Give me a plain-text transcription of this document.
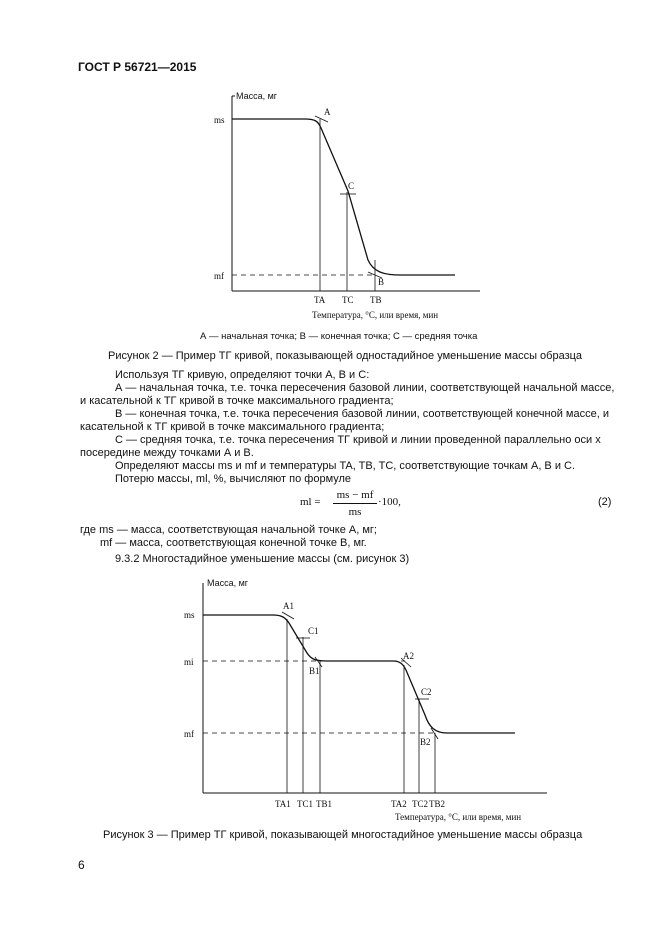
ГОСТ Р 56721—2015
Масса, мг
ms
mf
A
C
B
TA TC TB
Температура, °C, или время, мин
А — начальная точка; В — конечная точка; С — средняя точка
Рисунок 2 — Пример ТГ кривой, показывающей одностадийное уменьшение массы образца
Используя ТГ кривую, определяют точки А, В и С:
А — начальная точка, т.е. точка пересечения базовой линии, соответствующей начальной массе, и касательной к ТГ кривой в точке максимального градиента;
В — конечная точка, т.е. точка пересечения базовой линии, соответствующей конечной массе, и касательной к ТГ кривой в точке максимального градиента;
С — средняя точка, т.е. точка пересечения ТГ кривой и линии проведенной параллельно оси x посередине между точками А и В.
Определяют массы ms и mf и температуры TA, TB, TC, соответствующие точкам А, В и С.
Потерю массы, ml, %, вычисляют по формуле
ml =
ms − mf
ms
·100,	(2)
где ms — масса, соответствующая начальной точке А, мг;
mf — масса, соответствующая конечной точке В, мг.
9.3.2 Многостадийное уменьшение массы (см. рисунок 3)
Масса, мг
ms
mi
mf
A1
C1
B1
A2
C2
B2
TA1 TC1 TB1	TA2 TC2 TB2
Температура, °C, или время, мин
Рисунок 3 — Пример ТГ кривой, показывающей многостадийное уменьшение массы образца
6
